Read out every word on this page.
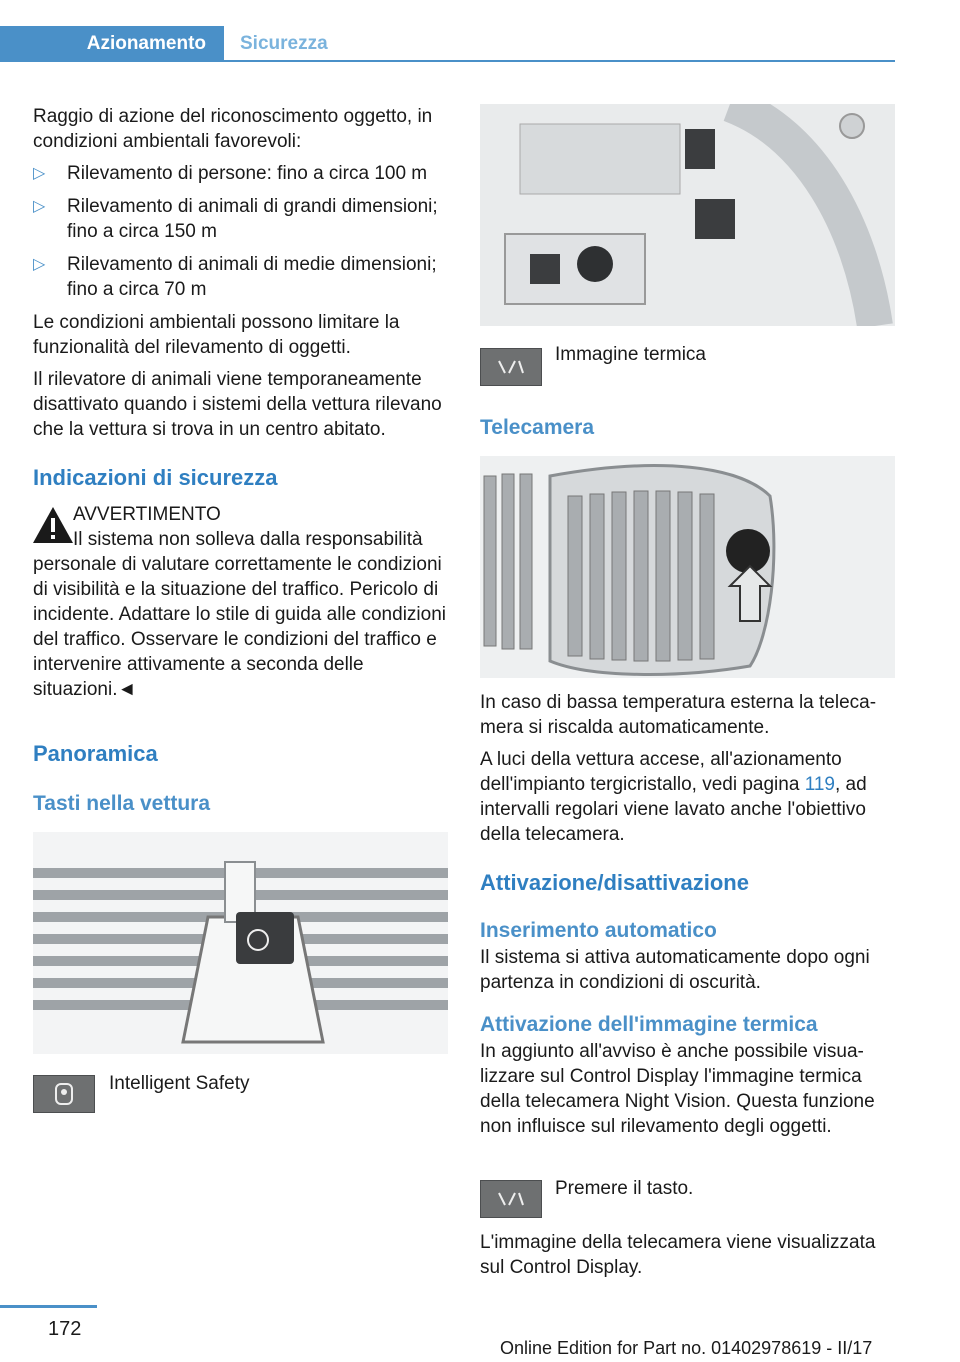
Azionamento	Sicurezza

Raggio di azione del riconoscimento oggetto, in condizioni ambientali favorevoli:

▷ Rilevamento di persone: fino a circa 100 m
▷ Rilevamento di animali di grandi dimensioni; fino a circa 150 m
▷ Rilevamento di animali di medie dimensioni; fino a circa 70 m

Le condizioni ambientali possono limitare la funzionalità del rilevamento di oggetti.

Il rilevatore di animali viene temporaneamente disattivato quando i sistemi della vettura rilevano che la vettura si trova in un centro abitato.

Indicazioni di sicurezza
AVVERTIMENTO
Il sistema non solleva dalla responsabilità
personale di valutare correttamente le condizioni di visibilità e la situazione del traffico. Pericolo di incidente. Adattare lo stile di guida alle condizioni del traffico. Osservare le condizioni del traffico e intervenire attivamente a seconda delle situazioni.◄
Panoramica
Tasti nella vettura
Intelligent Safety
Immagine termica
Telecamera

In caso di bassa temperatura esterna la telecamera si riscalda automaticamente.

A luci della vettura accese, all'azionamento dell'impianto tergicristallo, vedi pagina 119, ad intervalli regolari viene lavato anche l'obiettivo della telecamera.

Attivazione/disattivazione
Inserimento automatico

Il sistema si attiva automaticamente dopo ogni partenza in condizioni di oscurità.

Attivazione dell'immagine termica

In aggiunto all'avviso è anche possibile visualizzare sul Control Display l'immagine termica della telecamera Night Vision. Questa funzione non influisce sul rilevamento degli oggetti.

Premere il tasto.
L'immagine della telecamera viene visualizzata sul Control Display.
172
Online Edition for Part no. 01402978619 - II/17
